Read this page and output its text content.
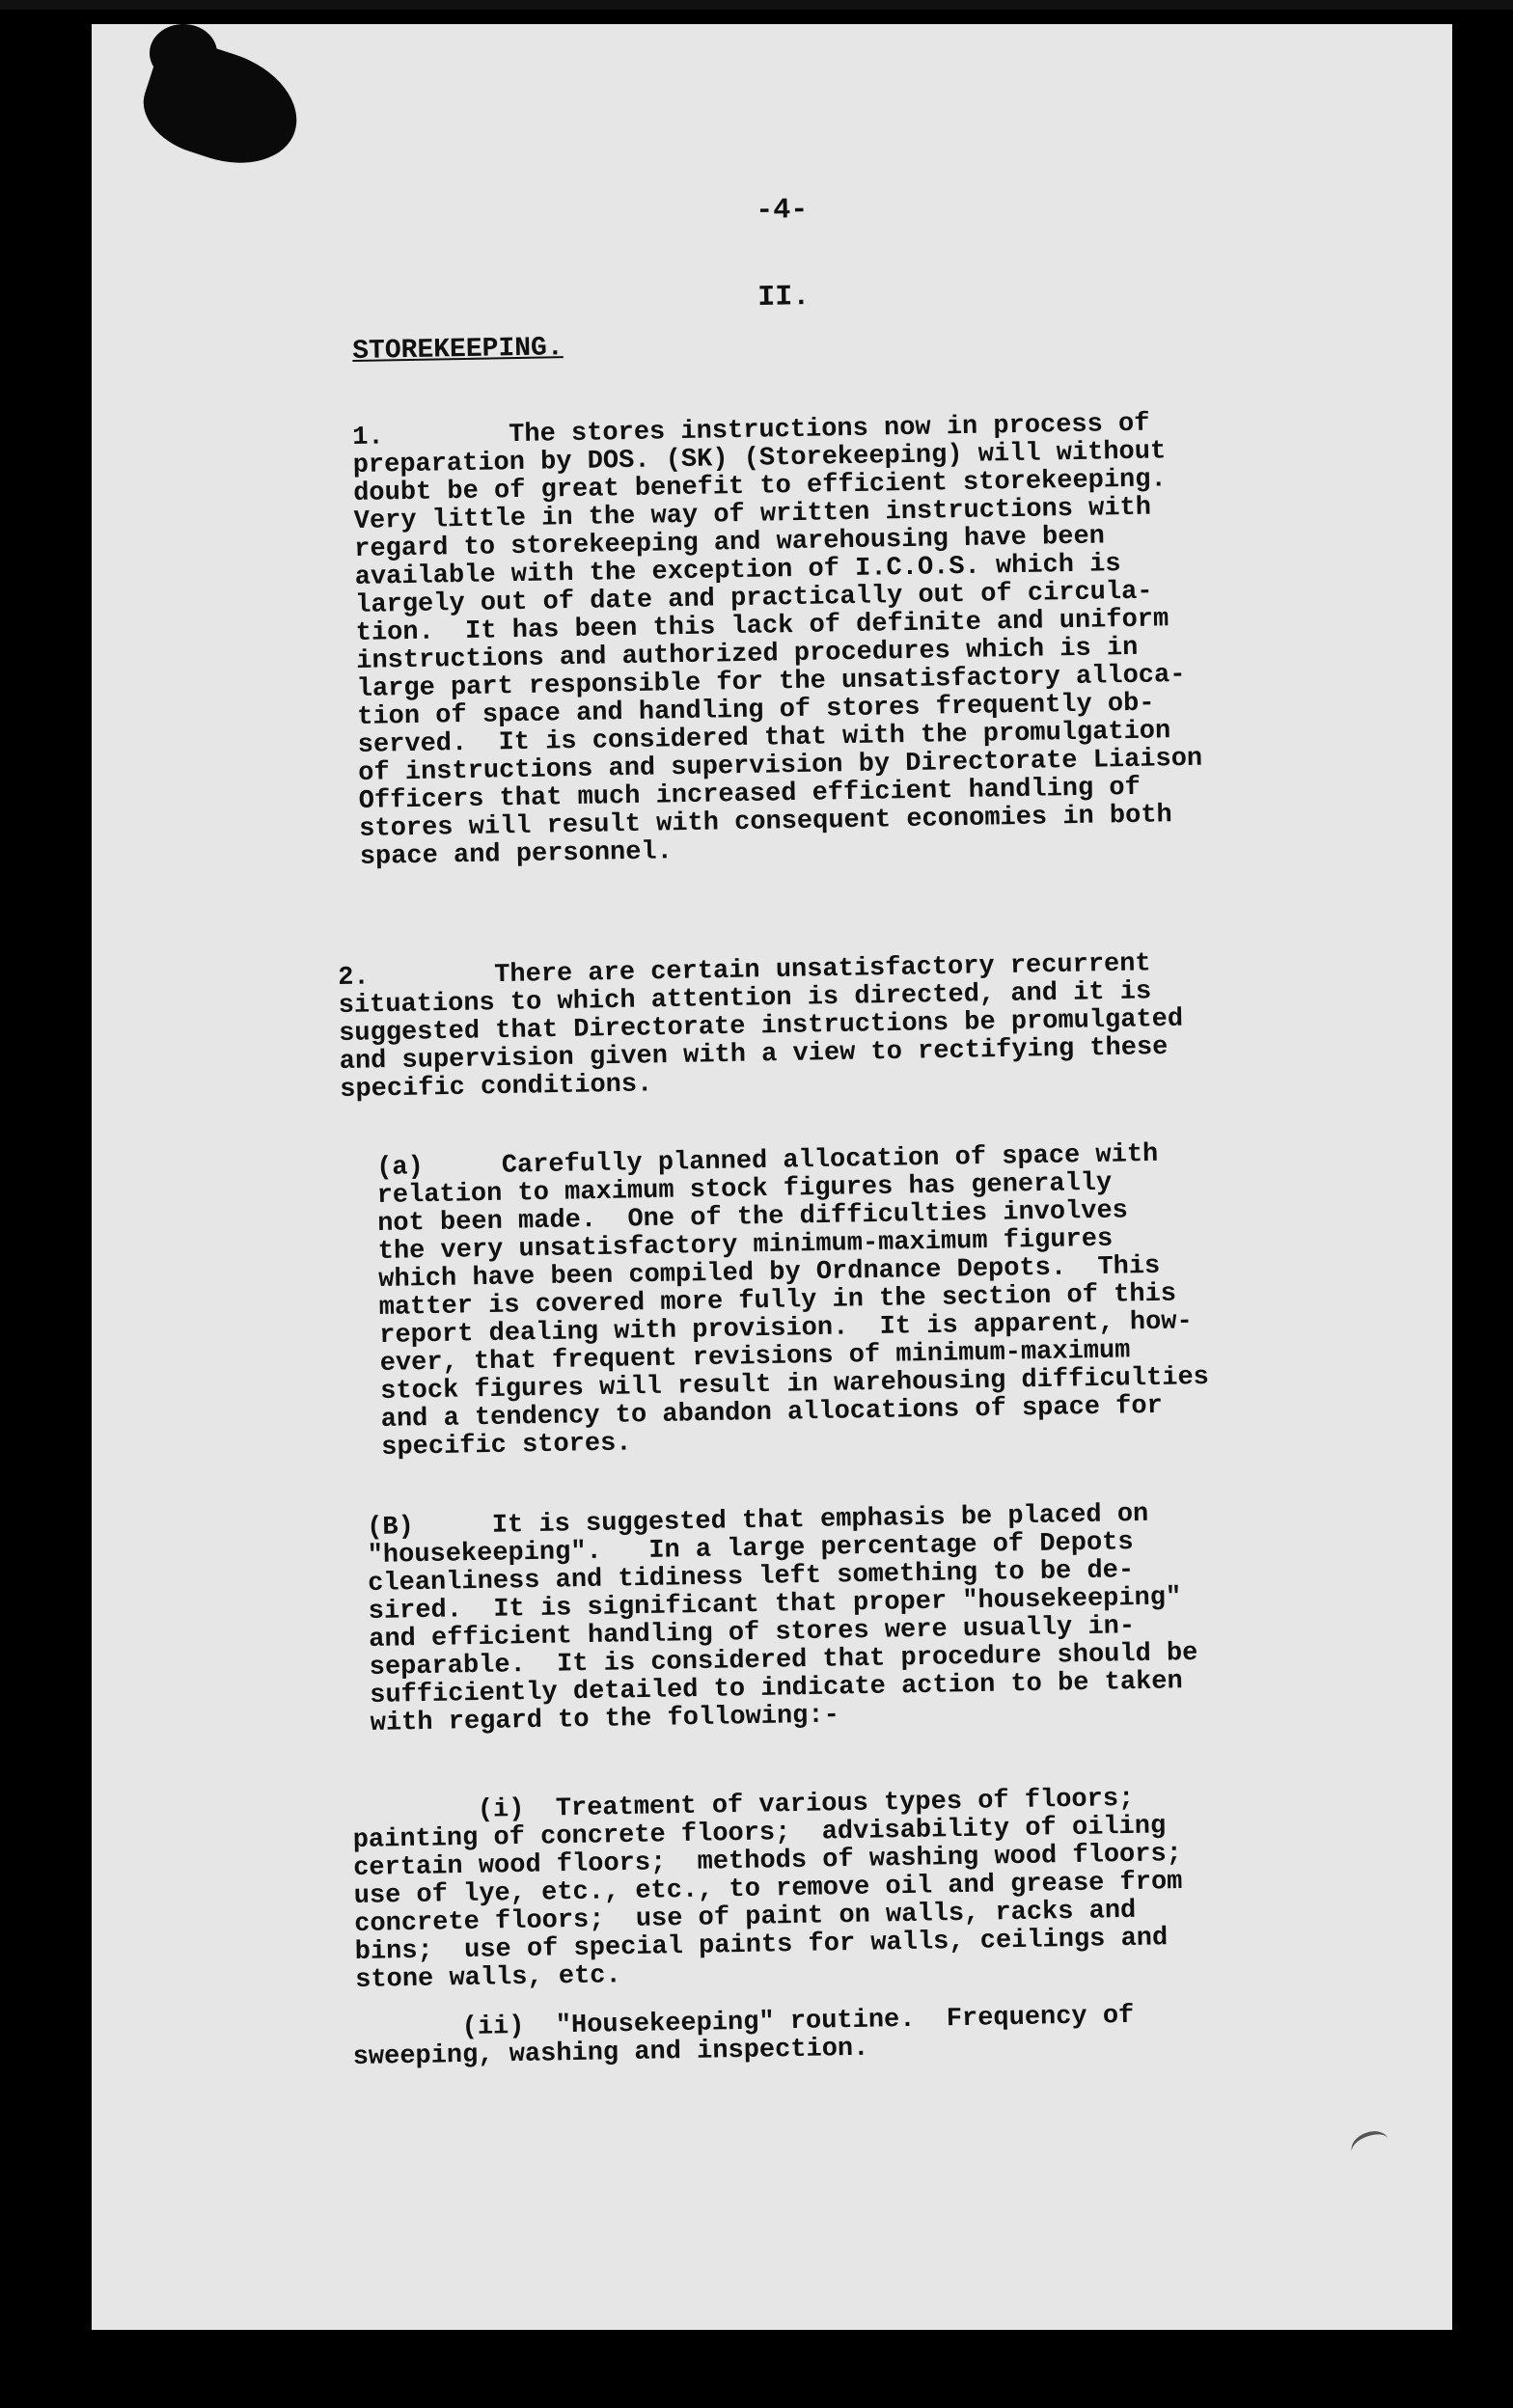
-4-
II.
STOREKEEPING.
1.        The stores instructions now in process of
preparation by DOS. (SK) (Storekeeping) will without
doubt be of great benefit to efficient storekeeping.
Very little in the way of written instructions with
regard to storekeeping and warehousing have been
available with the exception of I.C.O.S. which is
largely out of date and practically out of circula-
tion.  It has been this lack of definite and uniform
instructions and authorized procedures which is in
large part responsible for the unsatisfactory alloca-
tion of space and handling of stores frequently ob-
served.  It is considered that with the promulgation
of instructions and supervision by Directorate Liaison
Officers that much increased efficient handling of
stores will result with consequent economies in both
space and personnel.
2.        There are certain unsatisfactory recurrent
situations to which attention is directed, and it is
suggested that Directorate instructions be promulgated
and supervision given with a view to rectifying these
specific conditions.
(a)     Carefully planned allocation of space with
relation to maximum stock figures has generally
not been made.  One of the difficulties involves
the very unsatisfactory minimum-maximum figures
which have been compiled by Ordnance Depots.  This
matter is covered more fully in the section of this
report dealing with provision.  It is apparent, how-
ever, that frequent revisions of minimum-maximum
stock figures will result in warehousing difficulties
and a tendency to abandon allocations of space for
specific stores.
(B)     It is suggested that emphasis be placed on
"housekeeping".   In a large percentage of Depots
cleanliness and tidiness left something to be de-
sired.  It is significant that proper "housekeeping"
and efficient handling of stores were usually in-
separable.  It is considered that procedure should be
sufficiently detailed to indicate action to be taken
with regard to the following:-
(i)  Treatment of various types of floors;
painting of concrete floors;  advisability of oiling
certain wood floors;  methods of washing wood floors;
use of lye, etc., etc., to remove oil and grease from
concrete floors;  use of paint on walls, racks and
bins;  use of special paints for walls, ceilings and
stone walls, etc.
(ii)  "Housekeeping" routine.  Frequency of
sweeping, washing and inspection.
